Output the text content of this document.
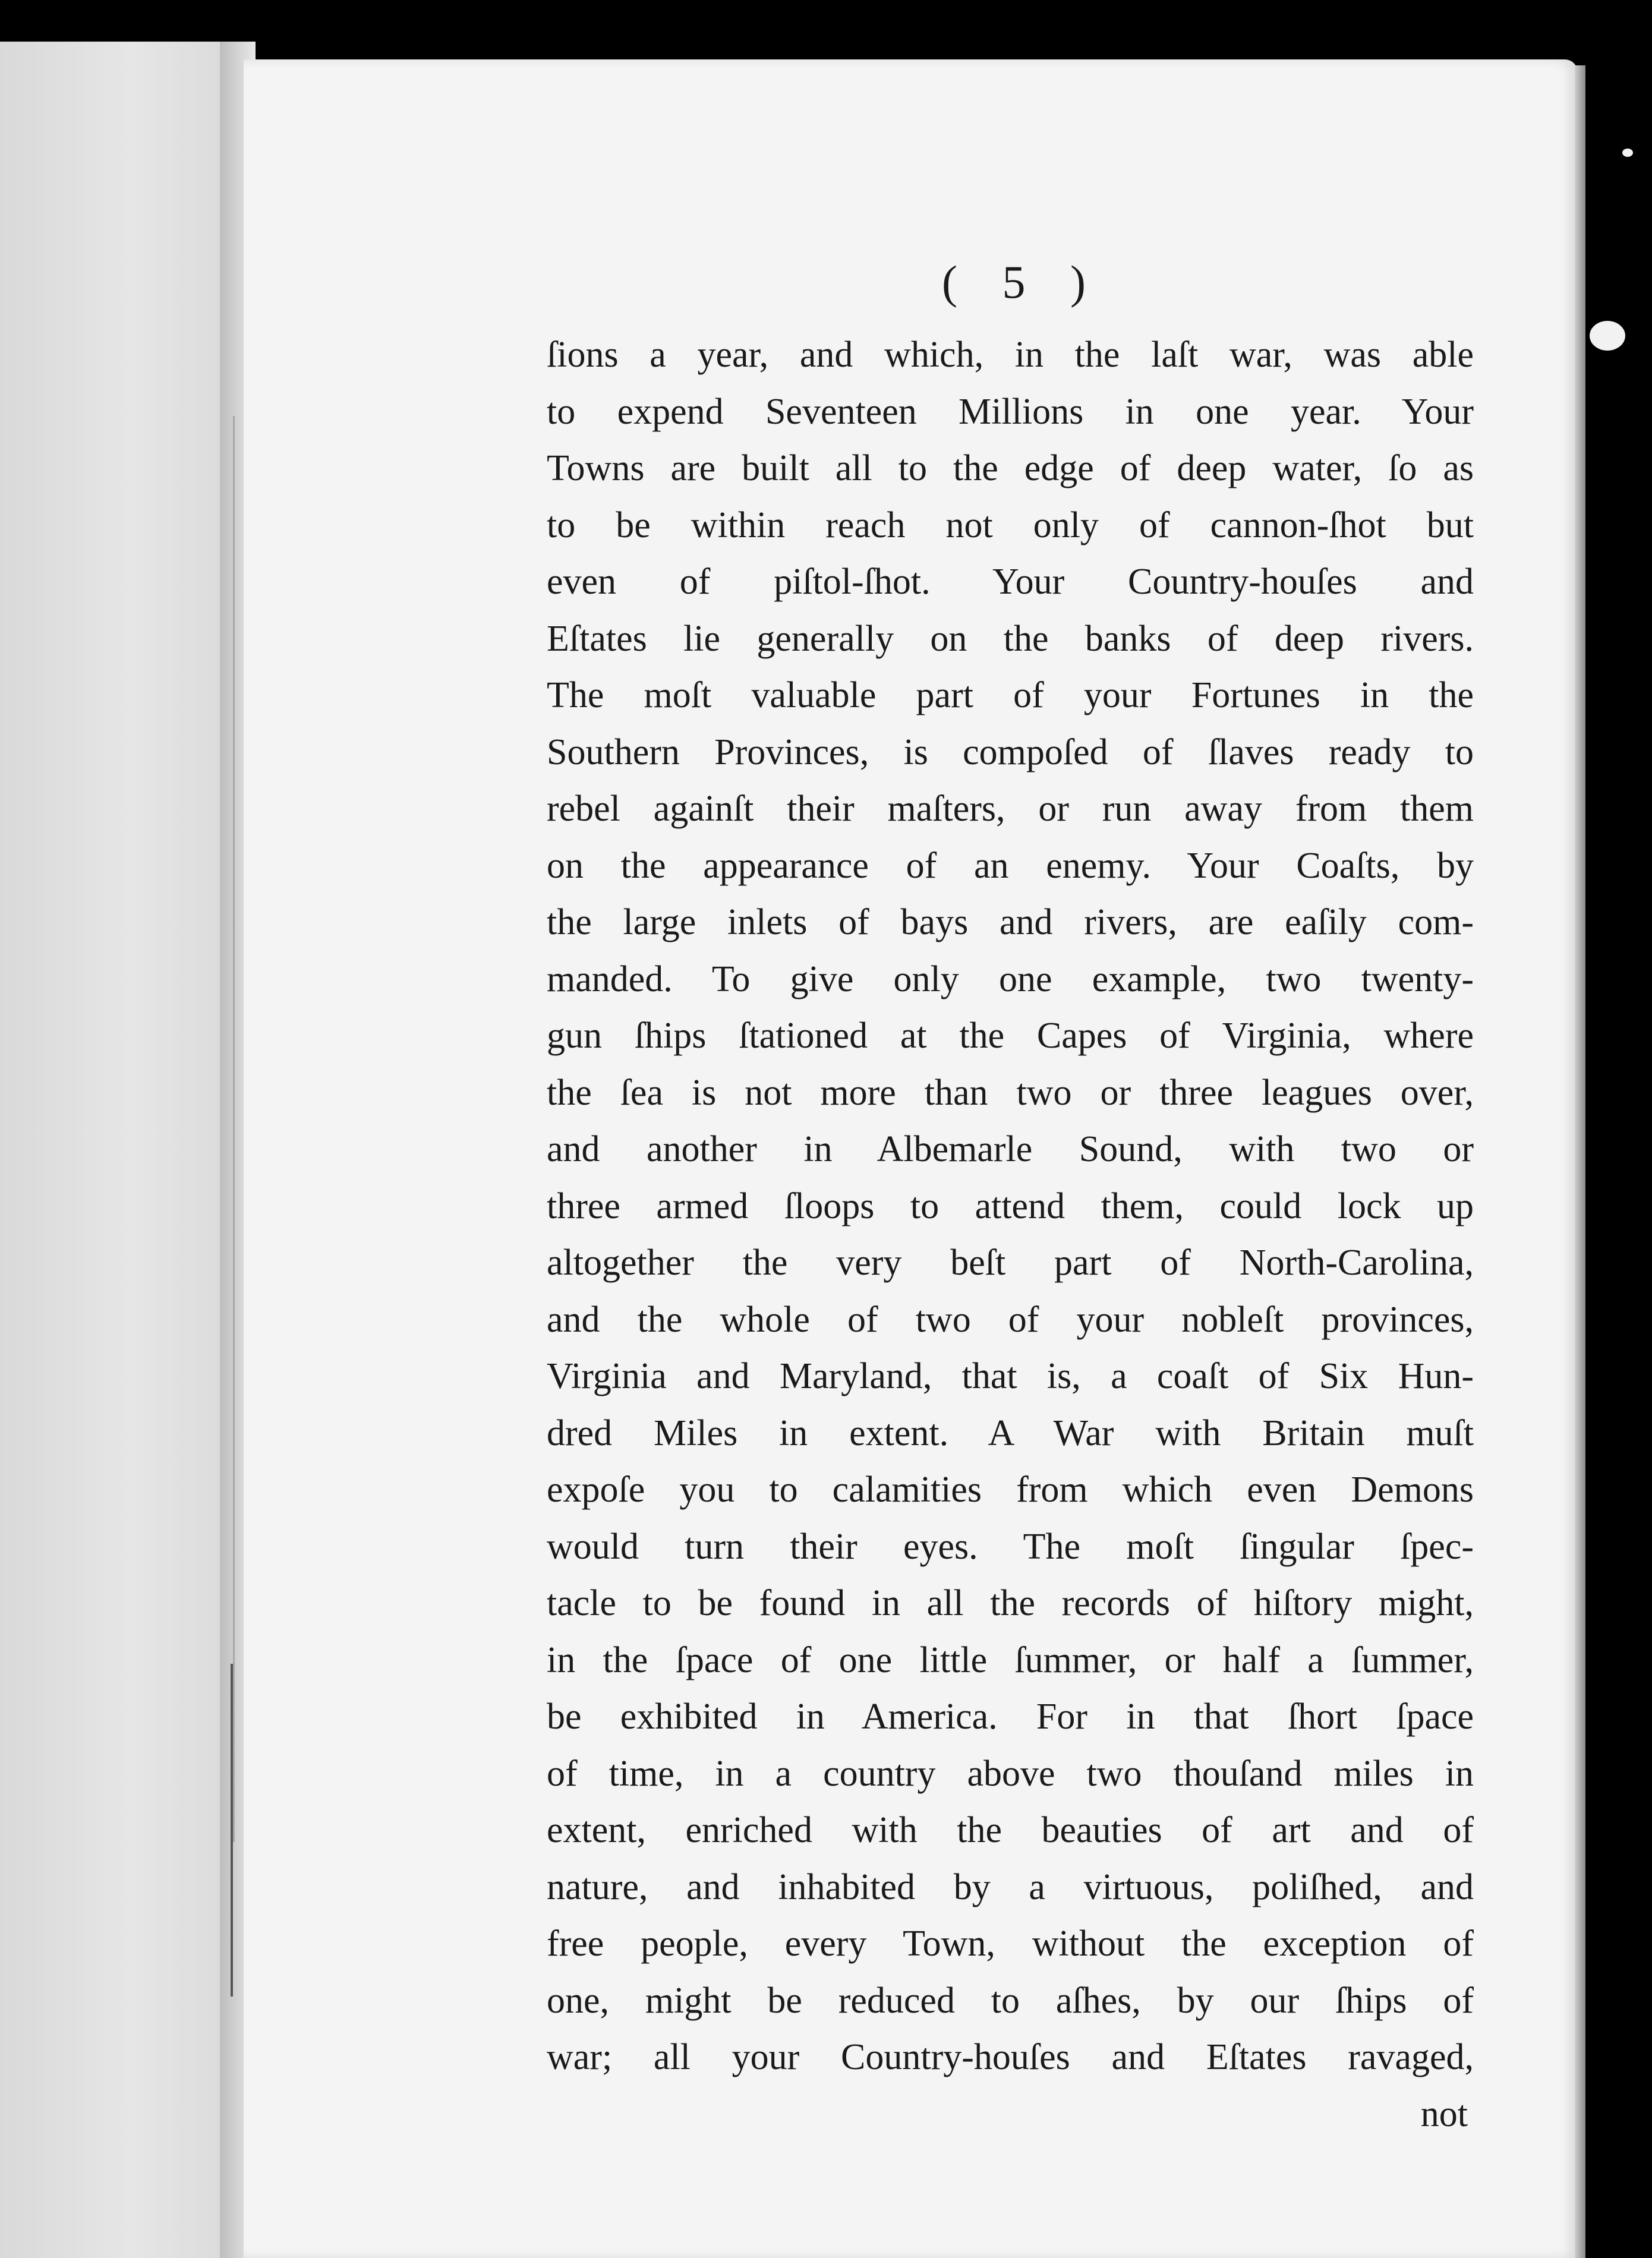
( 5 )
ſions a year, and which, in the laſt war, was able
to expend Seventeen Millions in one year. Your
Towns are built all to the edge of deep water, ſo as
to be within reach not only of cannon-ſhot but
even of piſtol-ſhot. Your Country-houſes and
Eſtates lie generally on the banks of deep rivers.
The moſt valuable part of your Fortunes in the
Southern Provinces, is compoſed of ſlaves ready to
rebel againſt their maſters, or run away from them
on the appearance of an enemy. Your Coaſts, by
the large inlets of bays and rivers, are eaſily com-
manded. To give only one example, two twenty-
gun ſhips ſtationed at the Capes of Virginia, where
the ſea is not more than two or three leagues over,
and another in Albemarle Sound, with two or
three armed ſloops to attend them, could lock up
altogether the very beſt part of North-Carolina,
and the whole of two of your nobleſt provinces,
Virginia and Maryland, that is, a coaſt of Six Hun-
dred Miles in extent. A War with Britain muſt
expoſe you to calamities from which even Demons
would turn their eyes. The moſt ſingular ſpec-
tacle to be found in all the records of hiſtory might,
in the ſpace of one little ſummer, or half a ſummer,
be exhibited in America. For in that ſhort ſpace
of time, in a country above two thouſand miles in
extent, enriched with the beauties of art and of
nature, and inhabited by a virtuous, poliſhed, and
free people, every Town, without the exception of
one, might be reduced to aſhes, by our ſhips of
war; all your Country-houſes and Eſtates ravaged,
not
